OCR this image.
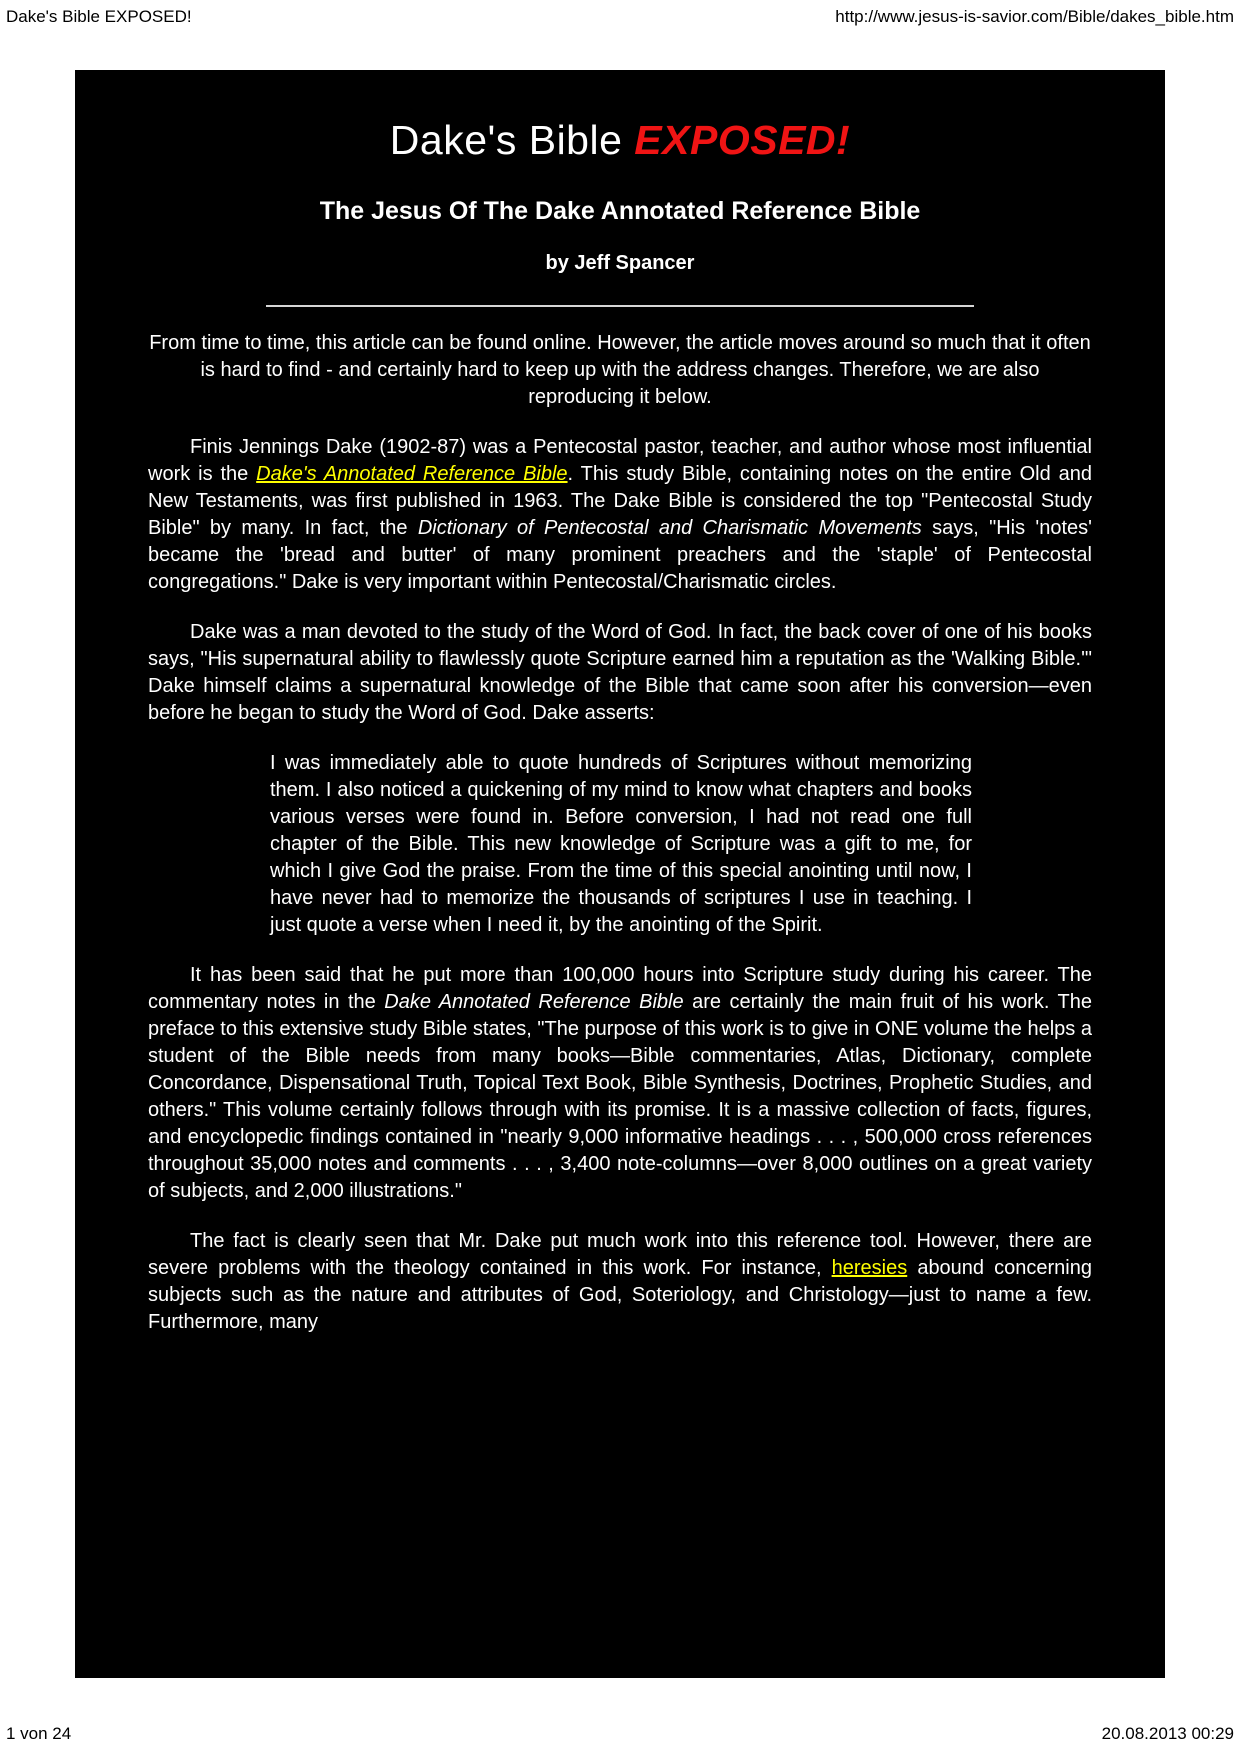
Dake's Bible EXPOSED!	http://www.jesus-is-savior.com/Bible/dakes_bible.htm
Dake's Bible EXPOSED!
The Jesus Of The Dake Annotated Reference Bible
by Jeff Spancer

From time to time, this article can be found online. However, the article moves around so much that it often is hard to find - and certainly hard to keep up with the address changes. Therefore, we are also reproducing it below.

Finis Jennings Dake (1902-87) was a Pentecostal pastor, teacher, and author whose most influential work is the Dake's Annotated Reference Bible. This study Bible, containing notes on the entire Old and New Testaments, was first published in 1963. The Dake Bible is considered the top "Pentecostal Study Bible" by many. In fact, the Dictionary of Pentecostal and Charismatic Movements says, "His 'notes' became the 'bread and butter' of many prominent preachers and the 'staple' of Pentecostal congregations." Dake is very important within Pentecostal/Charismatic circles.

Dake was a man devoted to the study of the Word of God. In fact, the back cover of one of his books says, "His supernatural ability to flawlessly quote Scripture earned him a reputation as the 'Walking Bible.'" Dake himself claims a supernatural knowledge of the Bible that came soon after his conversion—even before he began to study the Word of God. Dake asserts:

I was immediately able to quote hundreds of Scriptures without memorizing them. I also noticed a quickening of my mind to know what chapters and books various verses were found in. Before conversion, I had not read one full chapter of the Bible. This new knowledge of Scripture was a gift to me, for which I give God the praise. From the time of this special anointing until now, I have never had to memorize the thousands of scriptures I use in teaching. I just quote a verse when I need it, by the anointing of the Spirit.

It has been said that he put more than 100,000 hours into Scripture study during his career. The commentary notes in the Dake Annotated Reference Bible are certainly the main fruit of his work. The preface to this extensive study Bible states, "The purpose of this work is to give in ONE volume the helps a student of the Bible needs from many books—Bible commentaries, Atlas, Dictionary, complete Concordance, Dispensational Truth, Topical Text Book, Bible Synthesis, Doctrines, Prophetic Studies, and others." This volume certainly follows through with its promise. It is a massive collection of facts, figures, and encyclopedic findings contained in "nearly 9,000 informative headings . . . , 500,000 cross references throughout 35,000 notes and comments . . . , 3,400 note-columns—over 8,000 outlines on a great variety of subjects, and 2,000 illustrations."

The fact is clearly seen that Mr. Dake put much work into this reference tool. However, there are severe problems with the theology contained in this work. For instance, heresies abound concerning subjects such as the nature and attributes of God, Soteriology, and Christology—just to name a few. Furthermore, many

1 von 24	20.08.2013 00:29
